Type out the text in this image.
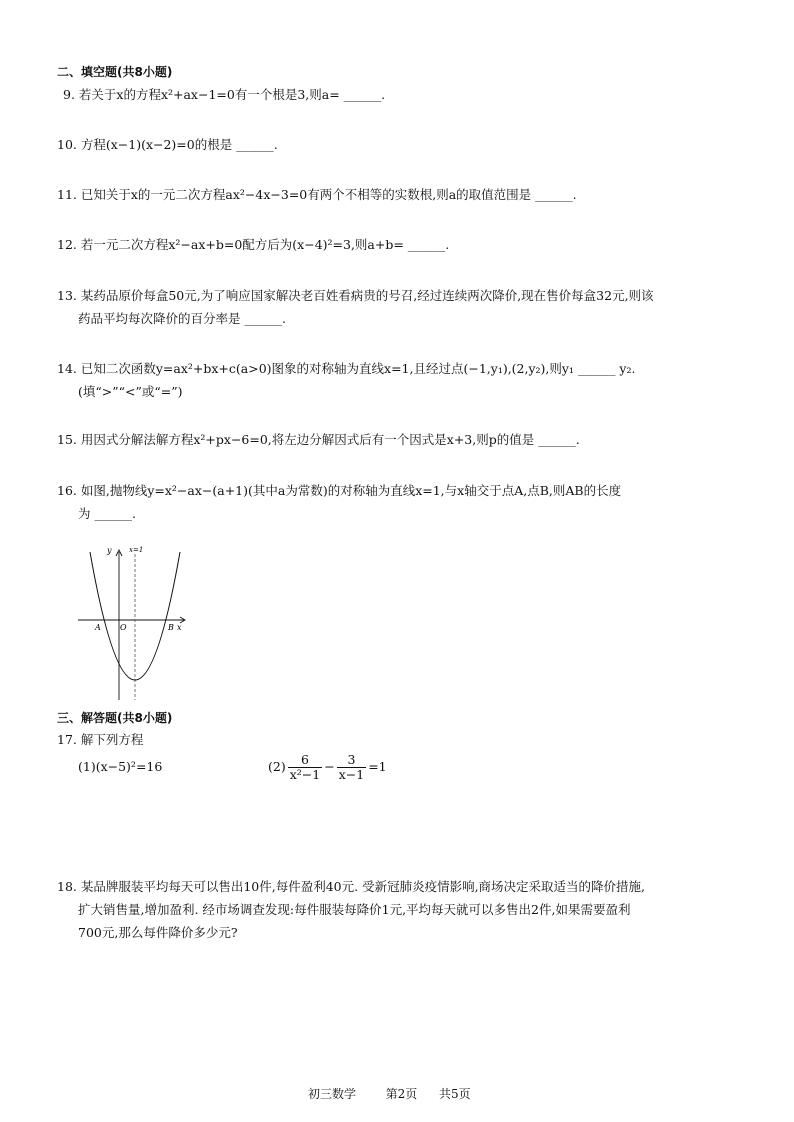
二、填空题(共8小题)
9. 若关于x的方程x²+ax−1=0有一个根是3,则a= ______.
10. 方程(x−1)(x−2)=0的根是 ______.
11. 已知关于x的一元二次方程ax²−4x−3=0有两个不相等的实数根,则a的取值范围是 ______.
12. 若一元二次方程x²−ax+b=0配方后为(x−4)²=3,则a+b= ______.
13. 某药品原价每盒50元,为了响应国家解决老百姓看病贵的号召,经过连续两次降价,现在售价每盒32元,则该
药品平均每次降价的百分率是 ______.
14. 已知二次函数y=ax²+bx+c(a>0)图象的对称轴为直线x=1,且经过点(−1,y₁),(2,y₂),则y₁ ______ y₂.
(填“>”“<”或“=”)
15. 用因式分解法解方程x²+px−6=0,将左边分解因式后有一个因式是x+3,则p的值是 ______.
16. 如图,抛物线y=x²−ax−(a+1)(其中a为常数)的对称轴为直线x=1,与x轴交于点A,点B,则AB的长度
为 ______.
y x=1
x
A O	B
三、解答题(共8小题)
17. 解下列方程
(1)(x−5)²=16	$(2) \frac{6}{\text{x²−1}} - \frac{3}{x-1} =1$
18. 某品牌服装平均每天可以售出10件,每件盈利40元. 受新冠肺炎疫情影响,商场决定采取适当的降价措施,
扩大销售量,增加盈利. 经市场调查发现:每件服装每降价1元,平均每天就可以多售出2件,如果需要盈利
700元,那么每件降价多少元?
初三数学 第2页 共5页
